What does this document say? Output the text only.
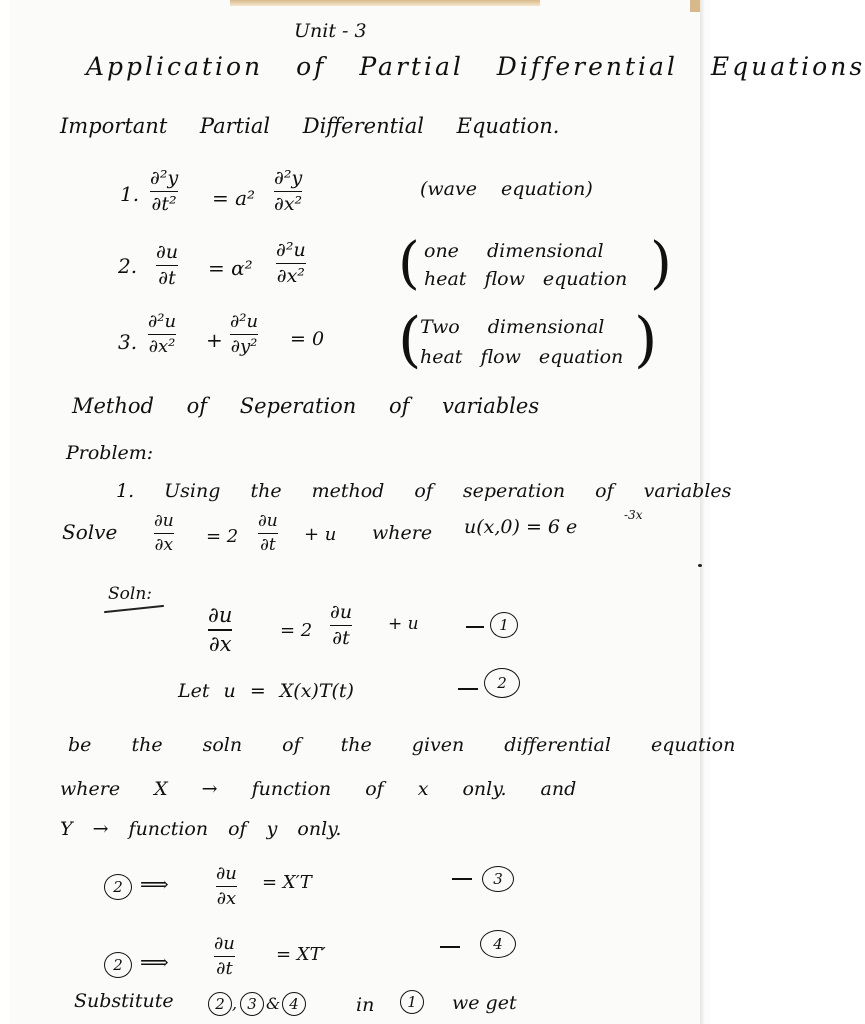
Unit - 3
Application of Partial Differential Equations
Important Partial Differential Equation.
1.
∂²y
∂t² = a²
∂²y
∂x²
(wave equation)
2.
∂u
∂t = α²
∂²u
∂x² ( one dimensional
heat flow equation )
3.
∂²u
∂x² +
∂²u
∂y² = 0 (
Two dimensional
heat flow equation )
Method of Seperation of variables
Problem:
1. Using the method of seperation of variables
Solve ∂u
∂x = 2
∂u
∂t
+ u where u(x,0) = 6 e
-3x
Soln:
∂u
∂x
= 2
∂u
∂t
+ u	1
Let u = X(x)T(t)	2
be the soln of the given differential equation
where X → function of x only. and
Y → function of y only.
2 ⟹	∂u
∂x
= X′T	3
2 ⟹
∂u
∂t
= XT′	4
Substitute	2 , 3 & 4	in	1	we get
